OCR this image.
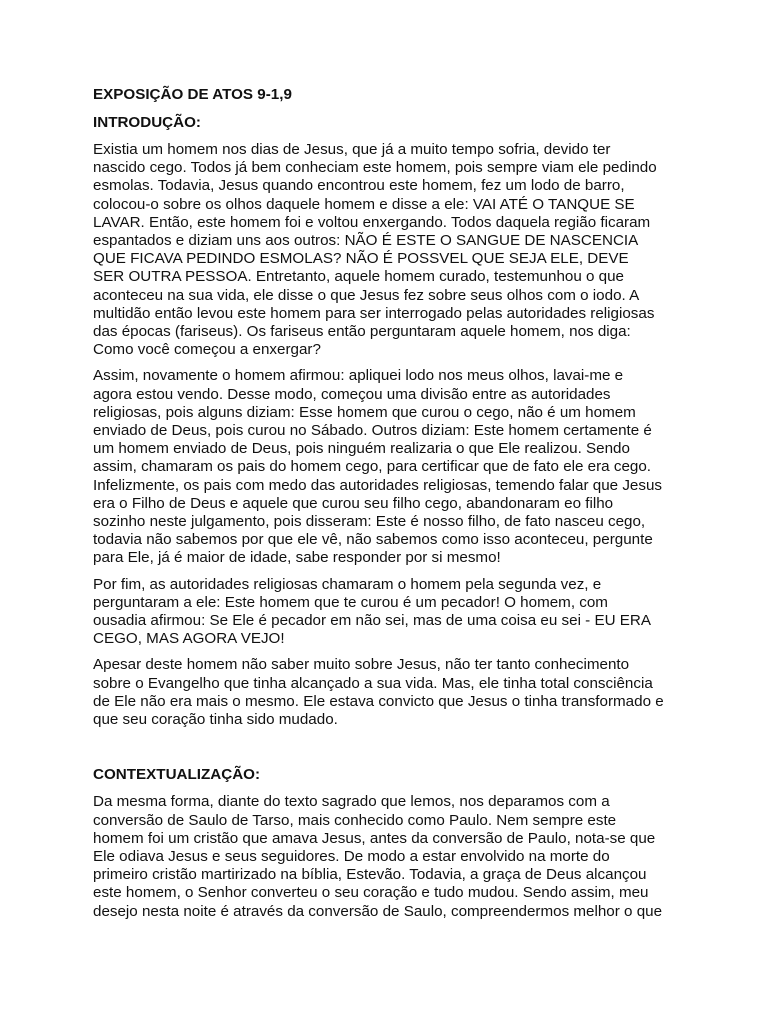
EXPOSIÇÃO DE ATOS 9-1,9
INTRODUÇÃO:
Existia um homem nos dias de Jesus, que já a muito tempo sofria, devido ter
nascido cego. Todos já bem conheciam este homem, pois sempre viam ele pedindo
esmolas. Todavia, Jesus quando encontrou este homem, fez um lodo de barro,
colocou-o sobre os olhos daquele homem e disse a ele: VAI ATÉ O TANQUE SE
LAVAR. Então, este homem foi e voltou enxergando. Todos daquela região ficaram
espantados e diziam uns aos outros: NÃO É ESTE O SANGUE DE NASCENCIA
QUE FICAVA PEDINDO ESMOLAS? NÃO É POSSVEL QUE SEJA ELE, DEVE
SER OUTRA PESSOA. Entretanto, aquele homem curado, testemunhou o que
aconteceu na sua vida, ele disse o que Jesus fez sobre seus olhos com o iodo. A
multidão então levou este homem para ser interrogado pelas autoridades religiosas
das épocas (fariseus). Os fariseus então perguntaram aquele homem, nos diga:
Como você começou a enxergar?
Assim, novamente o homem afirmou: apliquei lodo nos meus olhos, lavai-me e
agora estou vendo. Desse modo, começou uma divisão entre as autoridades
religiosas, pois alguns diziam: Esse homem que curou o cego, não é um homem
enviado de Deus, pois curou no Sábado. Outros diziam: Este homem certamente é
um homem enviado de Deus, pois ninguém realizaria o que Ele realizou. Sendo
assim, chamaram os pais do homem cego, para certificar que de fato ele era cego.
Infelizmente, os pais com medo das autoridades religiosas, temendo falar que Jesus
era o Filho de Deus e aquele que curou seu filho cego, abandonaram eo filho
sozinho neste julgamento, pois disseram: Este é nosso filho, de fato nasceu cego,
todavia não sabemos por que ele vê, não sabemos como isso aconteceu, pergunte
para Ele, já é maior de idade, sabe responder por si mesmo!
Por fim, as autoridades religiosas chamaram o homem pela segunda vez, e
perguntaram a ele: Este homem que te curou é um pecador! O homem, com
ousadia afirmou: Se Ele é pecador em não sei, mas de uma coisa eu sei - EU ERA
CEGO, MAS AGORA VEJO!
Apesar deste homem não saber muito sobre Jesus, não ter tanto conhecimento
sobre o Evangelho que tinha alcançado a sua vida. Mas, ele tinha total consciência
de Ele não era mais o mesmo. Ele estava convicto que Jesus o tinha transformado e
que seu coração tinha sido mudado.
CONTEXTUALIZAÇÃO:
Da mesma forma, diante do texto sagrado que lemos, nos deparamos com a
conversão de Saulo de Tarso, mais conhecido como Paulo. Nem sempre este
homem foi um cristão que amava Jesus, antes da conversão de Paulo, nota-se que
Ele odiava Jesus e seus seguidores. De modo a estar envolvido na morte do
primeiro cristão martirizado na bíblia, Estevão. Todavia, a graça de Deus alcançou
este homem, o Senhor converteu o seu coração e tudo mudou. Sendo assim, meu
desejo nesta noite é através da conversão de Saulo, compreendermos melhor o que
